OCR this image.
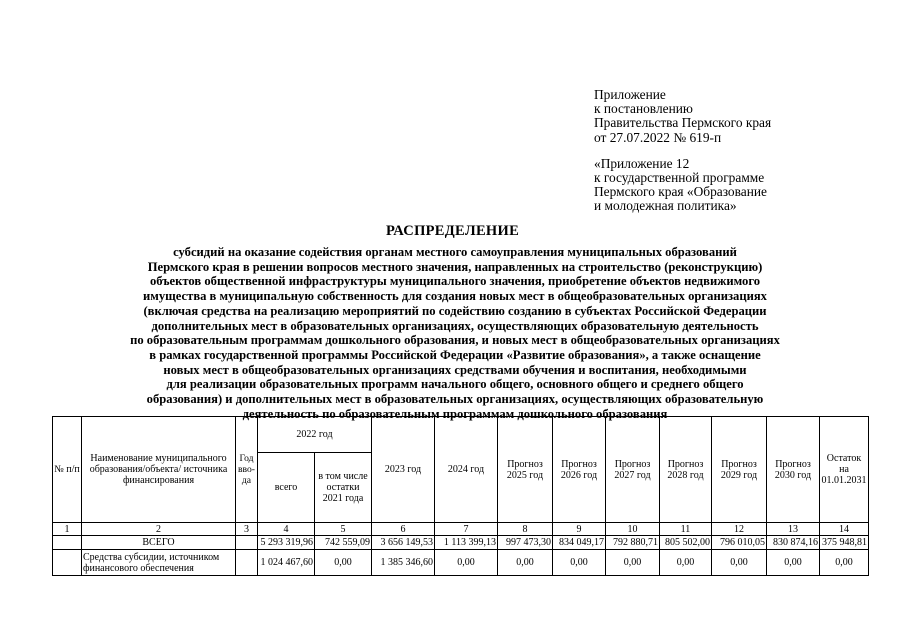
Приложение
к постановлению
Правительства Пермского края
от 27.07.2022 № 619-п
«Приложение 12
к государственной программе
Пермского края «Образование
и молодежная политика»
РАСПРЕДЕЛЕНИЕ
субсидий на оказание содействия органам местного самоуправления муниципальных образований
Пермского края в решении вопросов местного значения, направленных на строительство (реконструкцию)
объектов общественной инфраструктуры муниципального значения, приобретение объектов недвижимого
имущества в муниципальную собственность для создания новых мест в общеобразовательных организациях
(включая средства на реализацию мероприятий по содействию созданию в субъектах Российской Федерации
дополнительных мест в образовательных организациях, осуществляющих образовательную деятельность
по образовательным программам дошкольного образования, и новых мест в общеобразовательных организациях
в рамках государственной программы Российской Федерации «Развитие образования», а также оснащение
новых мест в общеобразовательных организациях средствами обучения и воспитания, необходимыми
для реализации образовательных программ начального общего, основного общего и среднего общего
образования) и дополнительных мест в образовательных организациях, осуществляющих образовательную
деятельность по образовательным программам дошкольного образования
№ п/п	Наименование муниципального образования/объекта/ источника финансирования	Год вво-да	2022 год		2023 год	2024 год	Прогноз 2025 год	Прогноз 2026 год	Прогноз 2027 год	Прогноз 2028 год	Прогноз 2029 год	Прогноз 2030 год	Остаток на 01.01.2031
			всего	в том числе остатки 2021 года									
1	2	3	4	5	6	7	8	9	10	11	12	13	14
	ВСЕГО		5 293 319,96	742 559,09	3 656 149,53	1 113 399,13	997 473,30	834 049,17	792 880,71	805 502,00	796 010,05	830 874,16	375 948,81
	Средства субсидии, источником финансового обеспечения		1 024 467,60	0,00	1 385 346,60	0,00	0,00	0,00	0,00	0,00	0,00	0,00	0,00
